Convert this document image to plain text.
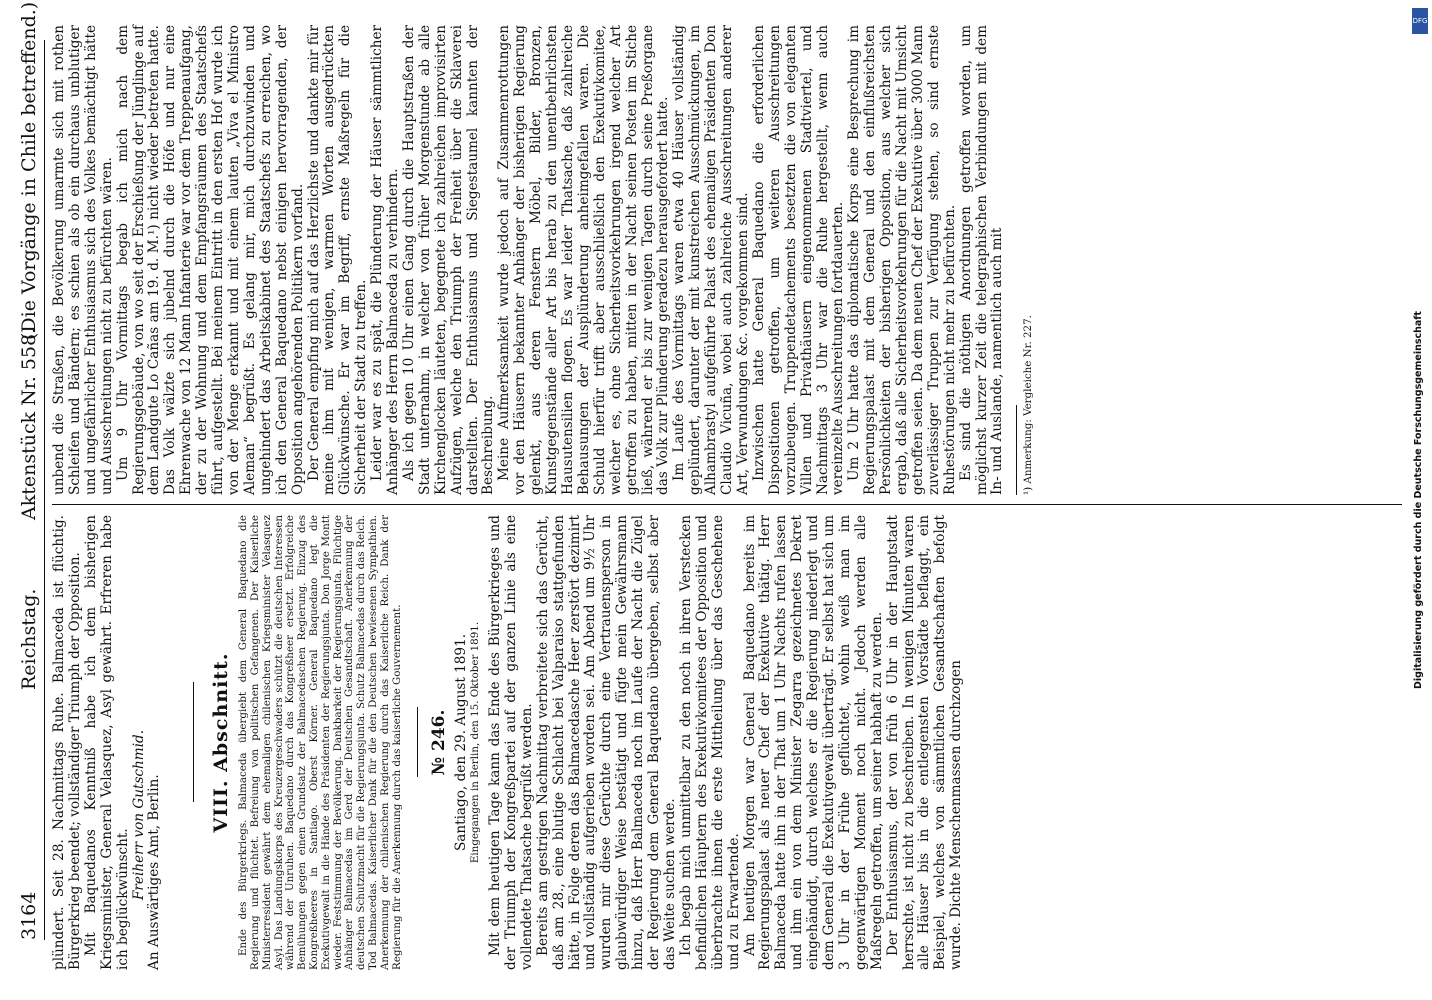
3164
Reichstag.
Aktenstück Nr. 558.
(Die Vorgänge in Chile betreffend.)

plündert. Seit 28. Nachmittags Ruhe. Balmaceda ist flüchtig. Bürgerkrieg beendet; vollständiger Triumph der Opposition. Mit Baquedanos Kenntniß habe ich dem bisherigen Kriegsminister, General Velasquez, Asyl gewährt. Erfreren habe ich beglückwünscht. Freiherr von Gutschmid. An Auswärtiges Amt, Berlin.

VIII. Abschnitt. Ende des Bürgerkriegs. Balmaceda übergiebt dem General Baquedano die Regierung und flüchtet. Befreiung von politischen Gefangenen. Der Kaiserliche Ministerresident gewährt dem ehemaligen chilenischen Kriegsminister Velasquez Asyl. Das Landungskorps des Kreuzergeschwaders schützt die deutschen Interessen während der Unruhen. Baquedano durch das Kongreßheer ersetzt. Erfolgreiche Bemühungen gegen einen Grundsatz der Balmacedaschen Regierung. Einzug des Kongreßheeres in Santiago. Oberst Körner. General Baquedano legt die Exekutivgewalt in die Hände des Präsidenten der Regierungsjunta. Don Jorge Montt wieder. Feststimmung der Bevölkerung. Dankbarkeit der Regierungsjunta. Flüchtige Anhänger Balmacedas im Gerd der Deutschen Gesandtschaft. Anerkennung der deutschen Schutzmacht für die Regierungsjunta. Schutz Balmacedas durch das Reich. Tod Balmacedas. Kaiserlicher Dank für die den Deutschen bewiesenen Sympathien. Anerkennung der chilenischen Regierung durch das Kaiserliche Reich. Dank der Regierung für die Anerkennung durch das kaiserliche Gouvernement. № 246. Santiago, den 29. August 1891. Eingegangen in Berlin, den 15. Oktober 1891. Mit dem heutigen Tage kann das Ende des Bürgerkrieges und der Triumph der Kongreßpartei auf der ganzen Linie als eine vollendete Thatsache begrüßt werden. Bereits am gestrigen Nachmittag verbreitete sich das Gerücht, daß am 28., eine blutige Schlacht bei Valparaiso stattgefunden hätte, in Folge deren das Balmacedasche Heer zerstört dezimirt und vollständig aufgerieben worden sei. Am Abend um 9½ Uhr wurden mir diese Gerüchte durch eine Vertrauensperson in glaubwürdiger Weise bestätigt und fügte mein Gewährsmann hinzu, daß Herr Balmaceda noch im Laufe der Nacht die Zügel der Regierung dem General Baquedano übergeben, selbst aber das Weite suchen werde. Ich begab mich unmittelbar zu den noch in ihren Verstecken befindlichen Häuptern des Exekutivkomitees der Opposition und überbrachte ihnen die erste Mittheilung über das Geschehene und zu Erwartende. Am heutigen Morgen war General Baquedano bereits im Regierungspalast als neuer Chef der Exekutive thätig. Herr Balmaceda hatte ihn in der That um 1 Uhr Nachts rufen lassen und ihm ein von dem Minister Zegarra gezeichnetes Dekret eingehändigt, durch welches er die Regierung niederlegt und dem General die Exekutivgewalt überträgt. Er selbst hat sich um 3 Uhr in der Frühe geflüchtet, wohin weiß man im gegenwärtigen Moment noch nicht. Jedoch werden alle Maßregeln getroffen, um seiner habhaft zu werden. Der Enthusiasmus, der von früh 6 Uhr in der Hauptstadt herrschte, ist nicht zu beschreiben. In wenigen Minuten waren alle Häuser bis in die entlegensten Vorstädte beflaggt, ein Beispiel, welches von sämmtlichen Gesandtschaften befolgt wurde. Dichte Menschenmassen durchzogen

unbend die Straßen, die Bevölkerung umarmte sich mit rothen Schleifen und Bändern; es schien als ob ein durchaus unblutiger und ungefährlicher Enthusiasmus sich des Volkes bemächtigt hätte und Ausschreitungen nicht zu befürchten wären. Um 9 Uhr Vormittags begab ich mich nach dem Regierungsgebäude, von wo seit der Erschießung der Jünglinge auf dem Landgute Lo Cañas am 19. d. M.¹) nicht wieder betreten hatte. Das Volk wälzte sich jubelnd durch die Höfe und nur eine Ehrenwache von 12 Mann Infanterie war vor dem Treppenaufgang, der zu der Wohnung und dem Empfangsräumen des Staatschefs führt, aufgestellt. Bei meinem Eintritt in den ersten Hof wurde ich von der Menge erkannt und mit einem lauten „Viva el Ministro Aleman“ begrüßt. Es gelang mir, mich durchzuwinden und ungehindert das Arbeitskabinet des Staatschefs zu erreichen, wo ich den General Baquedano nebst einigen hervorragenden, der Opposition angehörenden Politikern vorfand. Der General empfing mich auf das Herzlichste und dankte mir für meine ihm mit wenigen, warmen Worten ausgedrückten Glückwünsche. Er war im Begriff, ernste Maßregeln für die Sicherheit der Stadt zu treffen. Leider war es zu spät, die Plünderung der Häuser sämmtlicher Anhänger des Herrn Balmaceda zu verhindern. Als ich gegen 10 Uhr einen Gang durch die Hauptstraßen der Stadt unternahm, in welcher von früher Morgenstunde ab alle Kirchenglocken läuteten, begegnete ich zahlreichen improvisirten Aufzügen, welche den Triumph der Freiheit über die Sklaverei darstellten. Der Enthusiasmus und Siegestaumel kannten der Beschreibung. Meine Aufmerksamkeit wurde jedoch auf Zusammenrottungen vor den Häusern bekannter Anhänger der bisherigen Regierung gelenkt, aus deren Fenstern Möbel, Bilder, Bronzen, Kunstgegenstände aller Art bis herab zu den unentbehrlichsten Hausutensilien flogen. Es war leider Thatsache, daß zahlreiche Behausungen der Ausplünderung anheimgefallen waren. Die Schuld hierfür trifft aber ausschließlich den Exekutivkomitee, welcher es, ohne Sicherheitsvorkehrungen irgend welcher Art getroffen zu haben, mitten in der Nacht seinen Posten im Stiche ließ, während er bis zur wenigen Tagen durch seine Preßorgane das Volk zur Plünderung geradezu herausgefordert hatte. Im Laufe des Vormittags waren etwa 40 Häuser vollständig geplündert, darunter der mit kunstreichen Ausschmückungen, im Alhambrastyl aufgeführte Palast des ehemaligen Präsidenten Don Claudio Vicuña, wobei auch zahlreiche Ausschreitungen anderer Art, Verwundungen &c. vorgekommen sind. Inzwischen hatte General Baquedano die erforderlichen Dispositionen getroffen, um weiteren Ausschreitungen vorzubeugen. Truppendetachements besetzten die von eleganten Villen und Privathäusern eingenommenen Stadtviertel, und Nachmittags 3 Uhr war die Ruhe hergestellt, wenn auch vereinzelte Ausschreitungen fortdauerten. Um 2 Uhr hatte das diplomatische Korps eine Besprechung im Regierungspalast mit dem General und den einflußreichsten Persönlichkeiten der bisherigen Opposition, aus welcher sich ergab, daß alle Sicherheitsvorkehrungen für die Nacht mit Umsicht getroffen seien. Da dem neuen Chef der Exekutive über 3000 Mann zuverlässiger Truppen zur Verfügung stehen, so sind ernste Ruhestörungen nicht mehr zu befürchten. Es sind die nöthigen Anordnungen getroffen worden, um möglichst kurzer Zeit die telegraphischen Verbindungen mit dem In- und Auslande, namentlich auch mit ¹) Anmerkung: Vergleiche Nr. 227.	Digitalisierung gefördert durch die Deutsche Forschungsgemeinschaft
DFG
